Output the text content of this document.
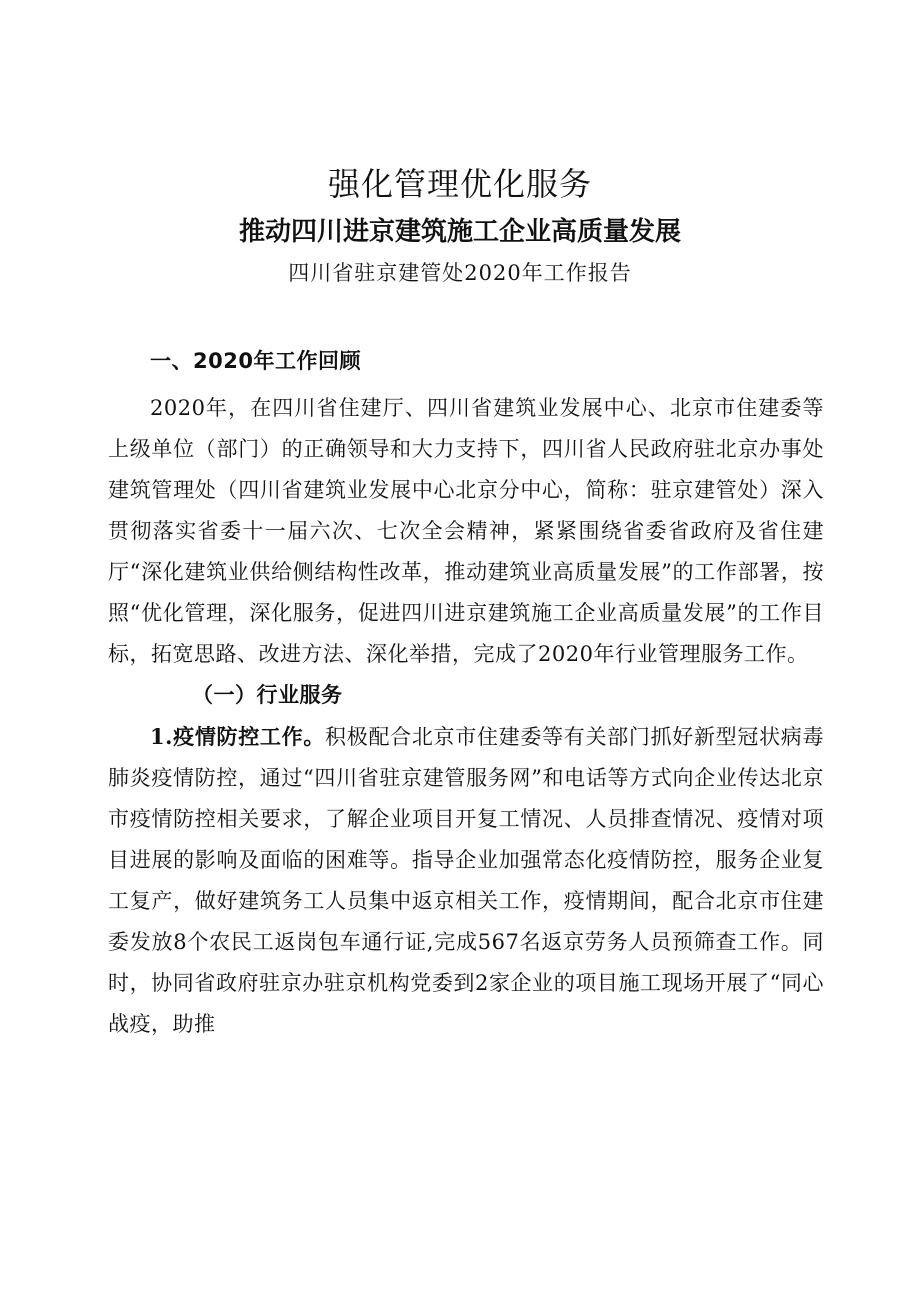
强化管理优化服务
推动四川进京建筑施工企业高质量发展
四川省驻京建管处2020年工作报告

一、2020年工作回顾

2020年，在四川省住建厅、四川省建筑业发展中心、北京市住建委等上级单位（部门）的正确领导和大力支持下，四川省人民政府驻北京办事处建筑管理处（四川省建筑业发展中心北京分中心，简称：驻京建管处）深入贯彻落实省委十一届六次、七次全会精神，紧紧围绕省委省政府及省住建厅“深化建筑业供给侧结构性改革，推动建筑业高质量发展”的工作部署，按照“优化管理，深化服务，促进四川进京建筑施工企业高质量发展”的工作目标，拓宽思路、改进方法、深化举措，完成了2020年行业管理服务工作。

（一）行业服务

1.疫情防控工作。积极配合北京市住建委等有关部门抓好新型冠状病毒肺炎疫情防控，通过“四川省驻京建管服务网”和电话等方式向企业传达北京市疫情防控相关要求，了解企业项目开复工情况、人员排查情况、疫情对项目进展的影响及面临的困难等。指导企业加强常态化疫情防控，服务企业复工复产，做好建筑务工人员集中返京相关工作，疫情期间，配合北京市住建委发放8个农民工返岗包车通行证,完成567名返京劳务人员预筛查工作。同时，协同省政府驻京办驻京机构党委到2家企业的项目施工现场开展了“同心战疫，助推
